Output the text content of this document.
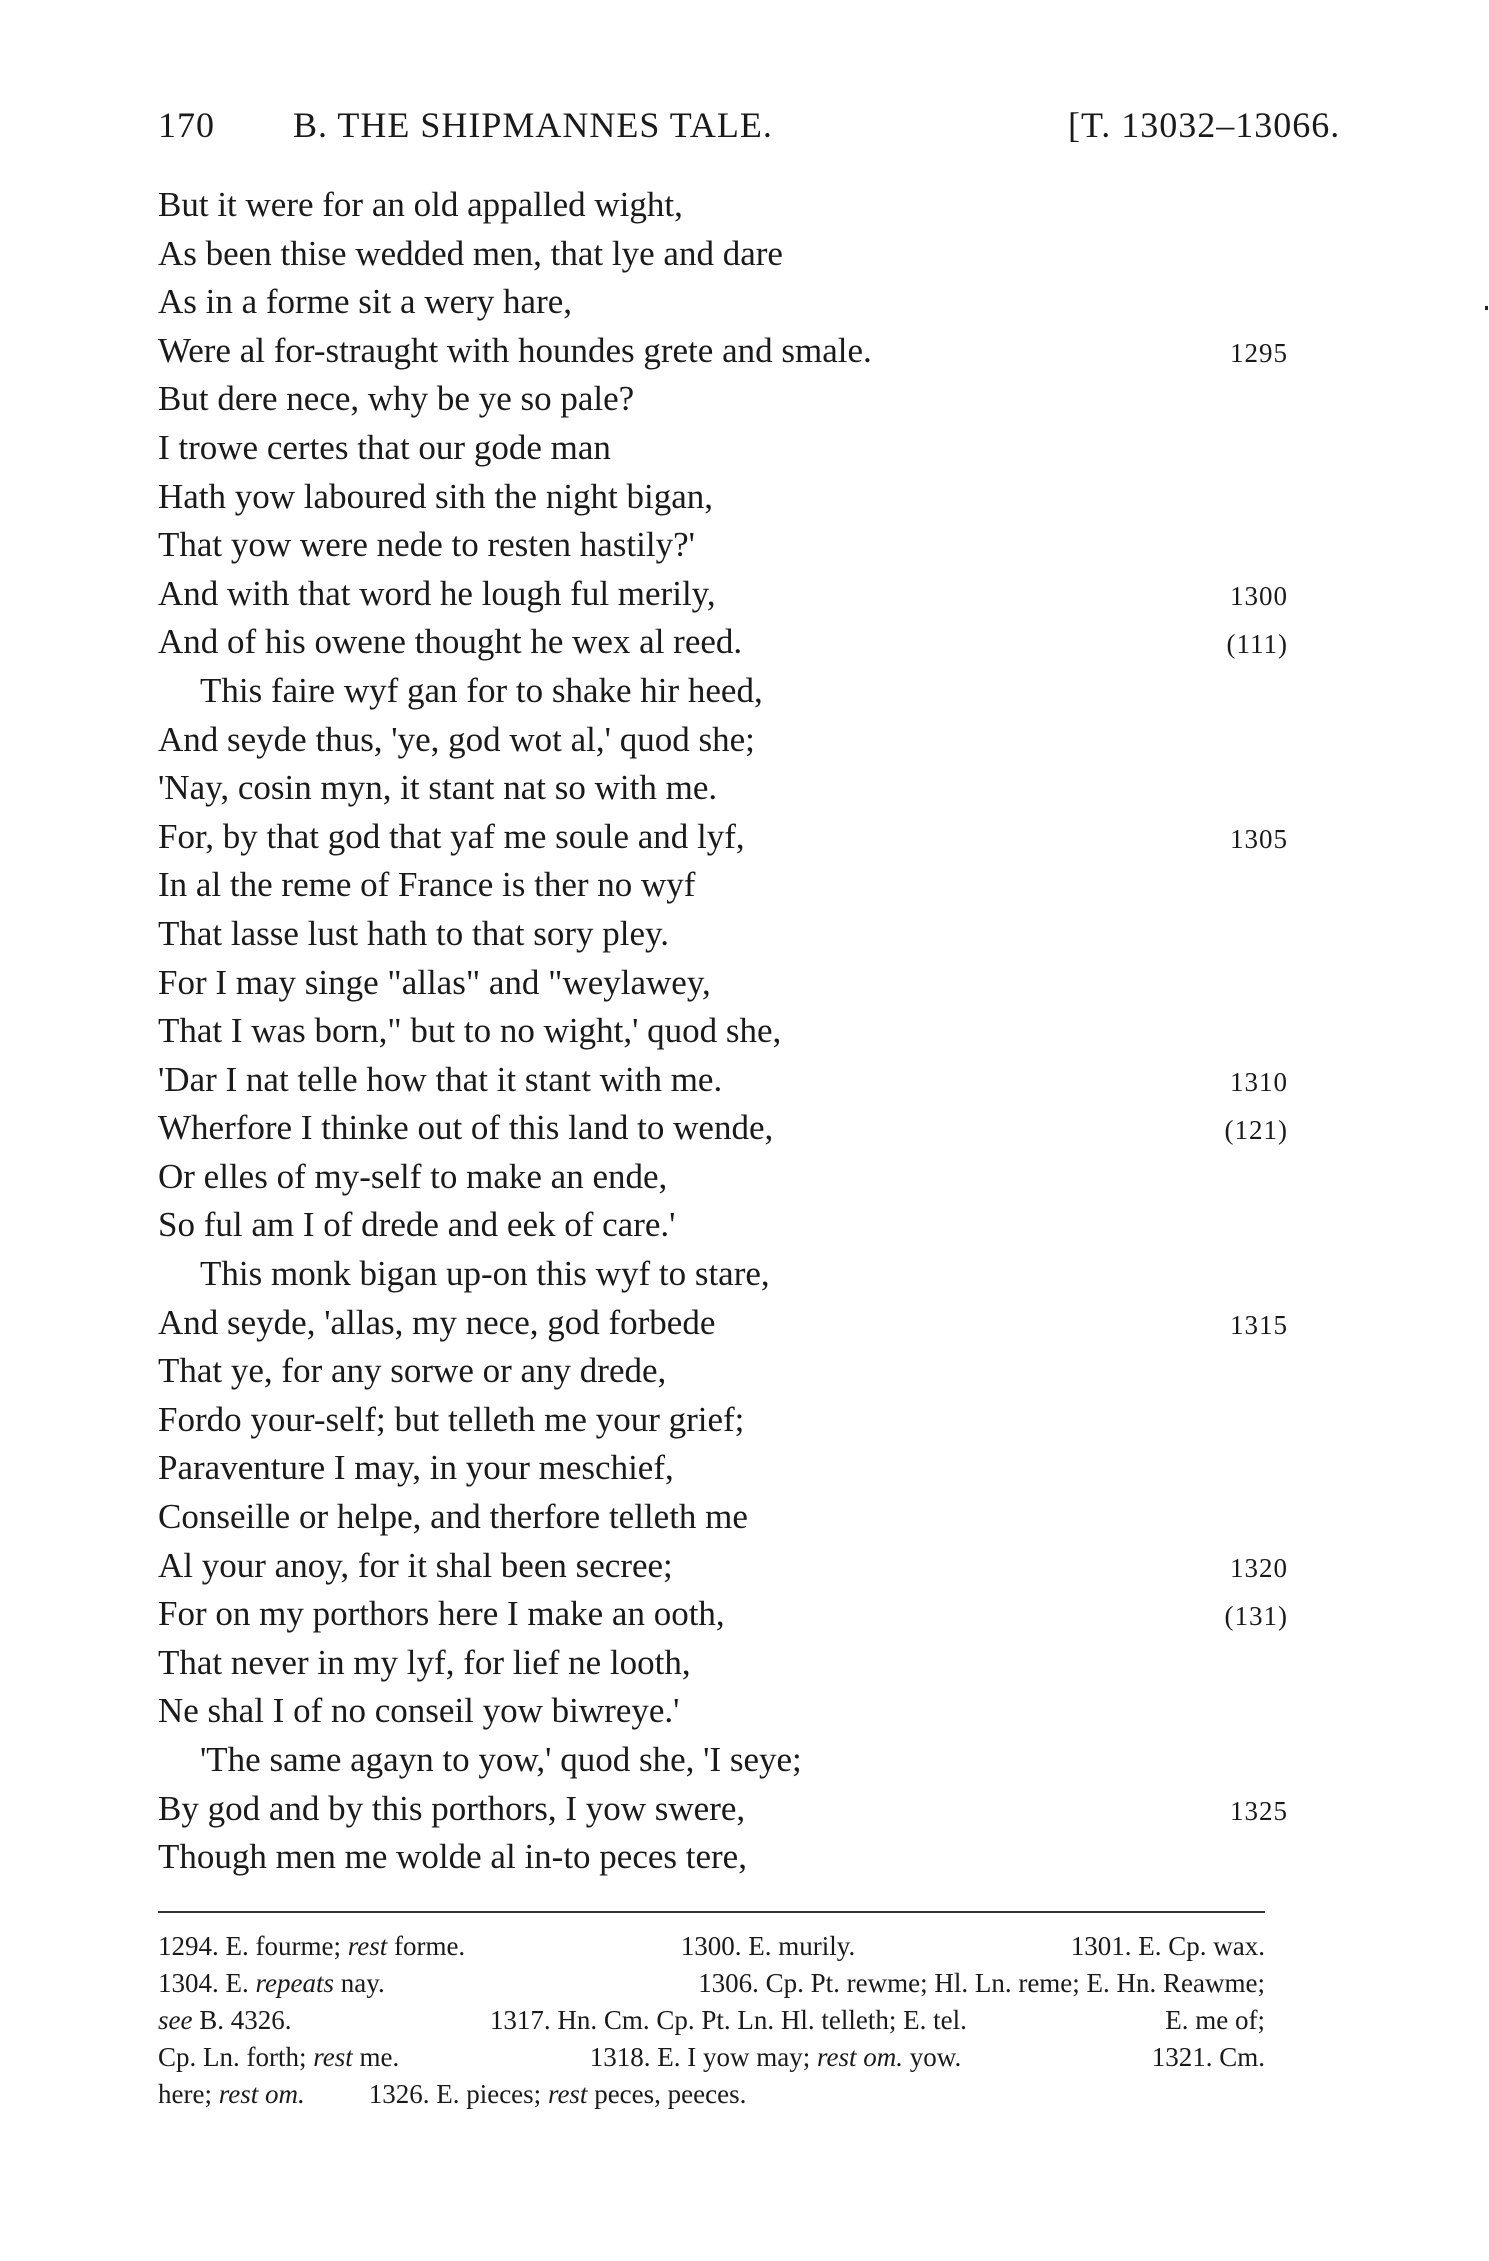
170 B. THE SHIPMANNES TALE.	[T. 13032–13066.
But it were for an old appalled wight,
As been thise wedded men, that lye and dare
As in a forme sit a wery hare,
Were al for-straught with houndes grete and smale.	1295
But dere nece, why be ye so pale?
I trowe certes that our gode man
Hath yow laboured sith the night bigan,
That yow were nede to resten hastily?'
And with that word he lough ful merily,	1300
And of his owene thought he wex al reed.	(111)
This faire wyf gan for to shake hir heed,
And seyde thus, 'ye, god wot al,' quod she;
'Nay, cosin myn, it stant nat so with me.
For, by that god that yaf me soule and lyf,	1305
In al the reme of France is ther no wyf
That lasse lust hath to that sory pley.
For I may singe "allas" and "weylawey,
That I was born," but to no wight,' quod she,
'Dar I nat telle how that it stant with me.	1310
Wherfore I thinke out of this land to wende,	(121)
Or elles of my-self to make an ende,
So ful am I of drede and eek of care.'
This monk bigan up-on this wyf to stare,
And seyde, 'allas, my nece, god forbede	1315
That ye, for any sorwe or any drede,
Fordo your-self; but telleth me your grief;
Paraventure I may, in your meschief,
Conseille or helpe, and therfore telleth me
Al your anoy, for it shal been secree;	1320
For on my porthors here I make an ooth,	(131)
That never in my lyf, for lief ne looth,
Ne shal I of no conseil yow biwreye.'
'The same agayn to yow,' quod she, 'I seye;
By god and by this porthors, I yow swere,	1325
Though men me wolde al in-to peces tere,
1294. E. fourme; rest forme.	1300. E. murily.	1301. E. Cp. wax.
1304. E. repeats nay.	1306. Cp. Pt. rewme; Hl. Ln. reme; E. Hn. Reawme;
see B. 4326.	1317. Hn. Cm. Cp. Pt. Ln. Hl. telleth; E. tel.	E. me of;
Cp. Ln. forth; rest me.	1318. E. I yow may; rest om. yow.	1321. Cm.
here; rest om. 1326. E. pieces; rest peces, peeces.
